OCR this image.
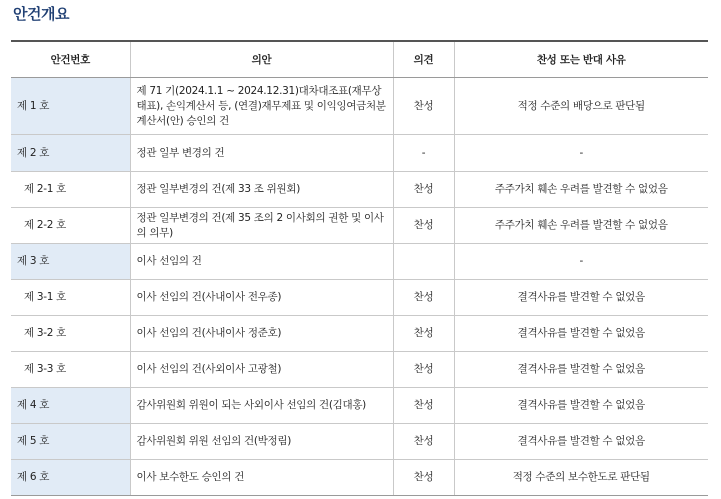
안건개요
안건번호	의안	의견	찬성 또는 반대 사유
제 1 호	제 71 기(2024.1.1 ~ 2024.12.31)대차대조표(재무상태표), 손익계산서 등, (연결)재무제표 및 이익잉여금처분계산서(안) 승인의 건	찬성	적정 수준의 배당으로 판단됨
제 2 호	정관 일부 변경의 건	-	-
제 2-1 호	정관 일부변경의 건(제 33 조 위원회)	찬성	주주가치 훼손 우려를 발견할 수 없었음
제 2-2 호	정관 일부변경의 건(제 35 조의 2 이사회의 권한 및 이사의 의무)	찬성	주주가치 훼손 우려를 발견할 수 없었음
제 3 호	이사 선임의 건		-
제 3-1 호	이사 선임의 건(사내이사 전우종)	찬성	결격사유를 발견할 수 없었음
제 3-2 호	이사 선임의 건(사내이사 정준호)	찬성	결격사유를 발견할 수 없었음
제 3-3 호	이사 선임의 건(사외이사 고광철)	찬성	결격사유를 발견할 수 없었음
제 4 호	감사위원회 위원이 되는 사외이사 선임의 건(김대홍)	찬성	결격사유를 발견할 수 없었음
제 5 호	감사위원회 위원 선임의 건(박정림)	찬성	결격사유를 발견할 수 없었음
제 6 호	이사 보수한도 승인의 건	찬성	적정 수준의 보수한도로 판단됨
